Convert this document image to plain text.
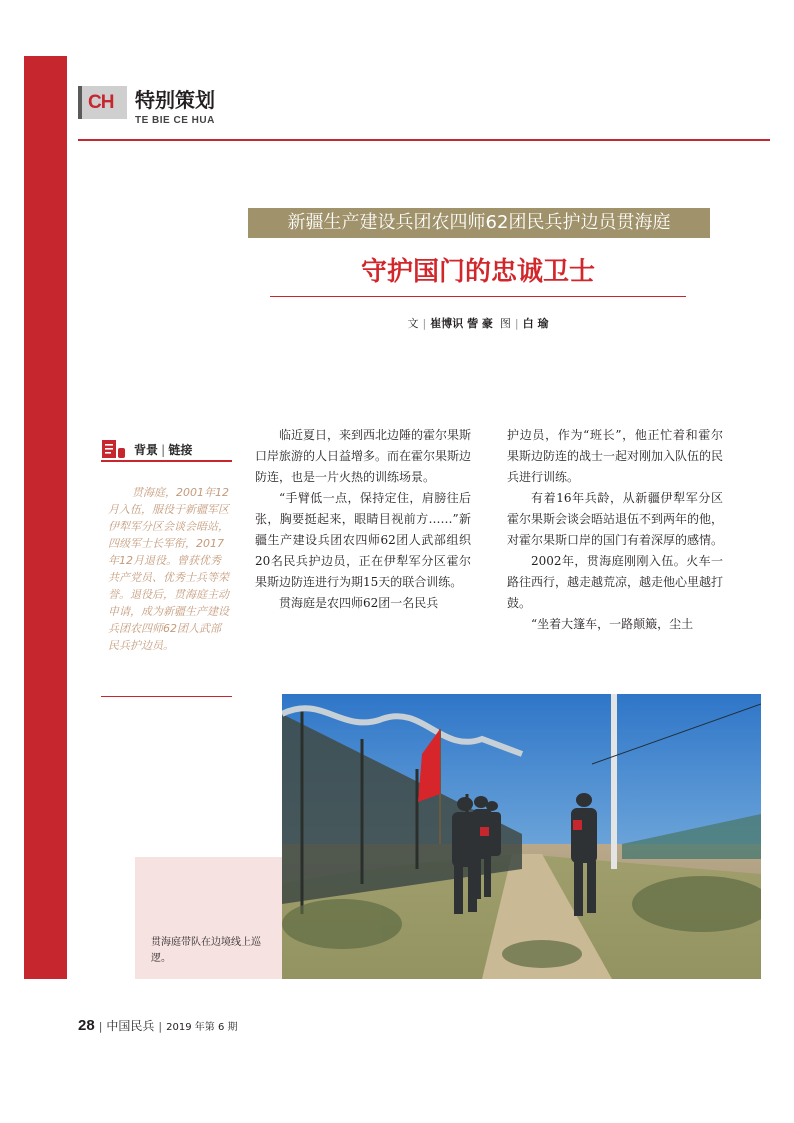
CH 特别策划
TE BIE CE HUA
新疆生产建设兵团农四师62团民兵护边员贯海庭
守护国门的忠诚卫士
文 | 崔博识 訾 豪 图 | 白 瑜
背景 | 链接
贯海庭，2001年12月入伍，服役于新疆军区伊犁军分区会谈会晤站，四级军士长军衔，2017年12月退役。曾获优秀共产党员、优秀士兵等荣誉。退役后，贯海庭主动申请，成为新疆生产建设兵团农四师62团人武部民兵护边员。

临近夏日，来到西北边陲的霍尔果斯口岸旅游的人日益增多。而在霍尔果斯边防连，也是一片火热的训练场景。

“手臂低一点，保持定住，肩膀往后张，胸要挺起来，眼睛目视前方……”新疆生产建设兵团农四师62团人武部组织20名民兵护边员，正在伊犁军分区霍尔果斯边防连进行为期15天的联合训练。

贯海庭是农四师62团一名民兵

护边员，作为“班长”，他正忙着和霍尔果斯边防连的战士一起对刚加入队伍的民兵进行训练。

有着16年兵龄，从新疆伊犁军分区霍尔果斯会谈会晤站退伍不到两年的他，对霍尔果斯口岸的国门有着深厚的感情。

2002年，贯海庭刚刚入伍。火车一路往西行，越走越荒凉，越走他心里越打鼓。

“坐着大篷车，一路颠簸，尘土

贯海庭带队在边境线上巡逻。
28 | 中国民兵 | 2019 年第 6 期
